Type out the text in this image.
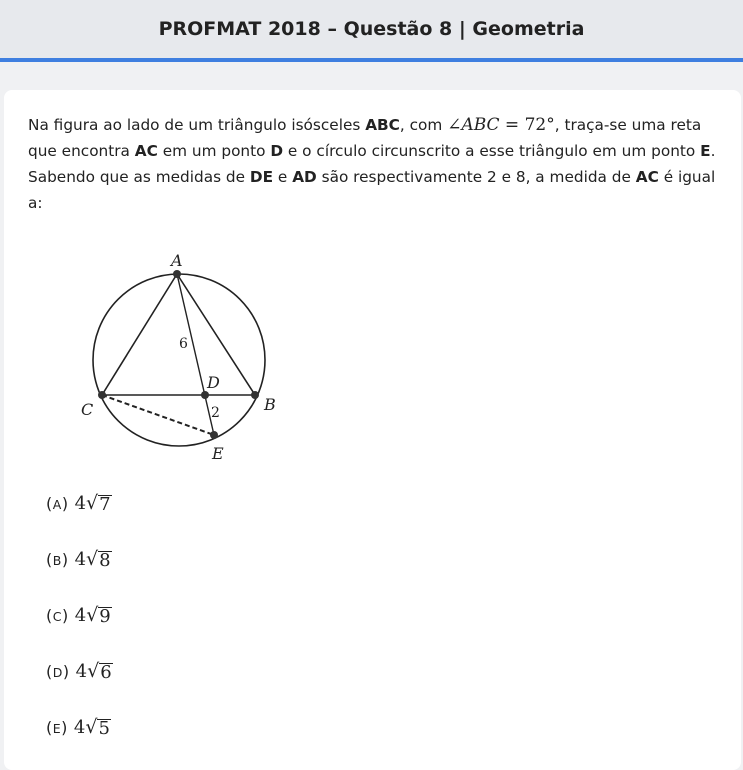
PROFMAT 2018 – Questão 8 | Geometria
Na figura ao lado de um triângulo isósceles ABC, com ∠ABC = 72°, traça-se uma reta que encontra AC em um ponto D e o círculo circunscrito a esse triângulo em um ponto E. Sabendo que as medidas de DE e AD são respectivamente 2 e 8, a medida de AC é igual a:
A
B
C
D
E
6
2
(A) 4 √ 7
(B) 4 √ 8
(C) 4 √ 9
(D) 4 √ 6
(E) 4 √ 5
